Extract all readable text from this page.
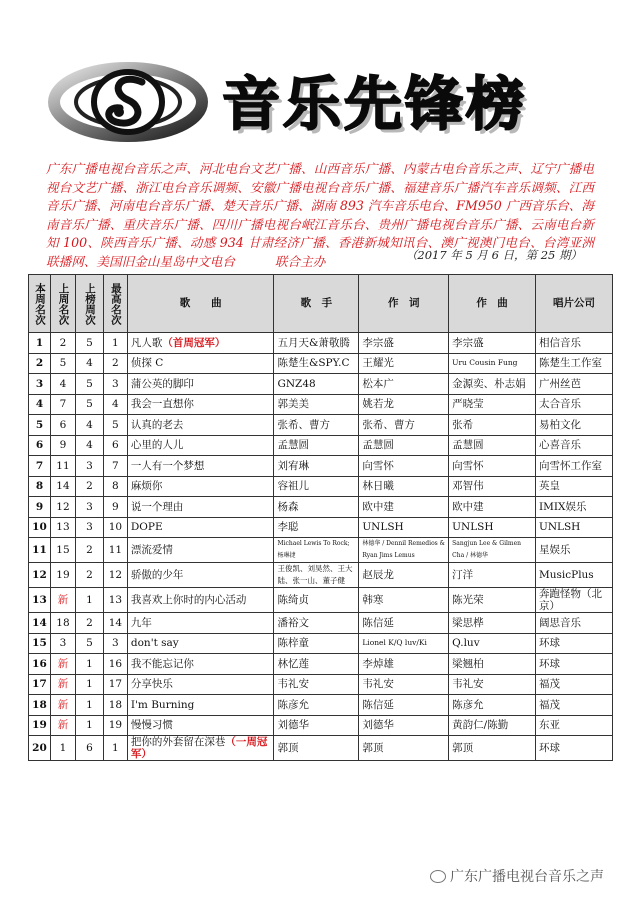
音乐先锋榜
广东广播电视台音乐之声、河北电台文艺广播、山西音乐广播、内蒙古电台音乐之声、辽宁广播电视台文艺广播、浙江电台音乐调频、安徽广播电视台音乐广播、福建音乐广播汽车音乐调频、江西音乐广播、河南电台音乐广播、楚天音乐广播、湖南 893 汽车音乐电台、FM950 广西音乐台、海南音乐广播、重庆音乐广播、四川广播电视台岷江音乐台、贵州广播电视台音乐广播、云南电台新知 100、陕西音乐广播、动感 934 甘肃经济广播、香港新城知讯台、澳广视澳门电台、台湾亚洲联播网、美国旧金山星岛中文电台	联合主办	（2017 年 5 月 6 日，第 25 期）
本周名次	上周名次	上榜周次	最高名次	歌　　曲	歌　手	作　词	作　曲	唱片公司
1	2	5	1	凡人歌（首周冠军）	五月天&萧敬腾	李宗盛	李宗盛	相信音乐
2	5	4	2	侦探 C	陈楚生&SPY.C	王耀光	Uru Cousin Fung	陈楚生工作室
3	4	5	3	蒲公英的脚印	GNZ48	松本广	金源奕、朴志娟	广州丝芭
4	7	5	4	我会一直想你	郭美美	姚若龙	严晓莹	太合音乐
5	6	4	5	认真的老去	张希、曹方	张希、曹方	张希	易柏文化
6	9	4	6	心里的人儿	孟慧圆	孟慧圆	孟慧圆	心喜音乐
7	11	3	7	一人有一个梦想	刘宥琳	向雪怀	向雪怀	向雪怀工作室
8	14	2	8	麻烦你	容祖儿	林日曦	邓智伟	英皇
9	12	3	9	说一个理由	杨森	欧中建	欧中建	IMIX娱乐
10	13	3	10	DOPE	李聪	UNLSH	UNLSH	UNLSH
11	15	2	11	漂流爱情	Michael Lewis To Rock; 杨琳捷	林德华 / Dennil Remedios & Ryan Jims Lemus	Sangjun Lee & Gilmen Cha / 林德华	星娱乐
12	19	2	12	骄傲的少年	王俊凯、刘昊然、王大陆、张一山、董子健	赵辰龙	汀洋	MusicPlus
13	新	1	13	我喜欢上你时的内心活动	陈绮贞	韩寒	陈光荣	奔跑怪物（北京）
14	18	2	14	九年	潘裕文	陈信延	梁思桦	阔思音乐
15	3	5	3	don't say	陈梓童	Lionel K/Q luv/Ki	Q.luv	环球
16	新	1	16	我不能忘记你	林忆莲	李焯雄	梁翘柏	环球
17	新	1	17	分享快乐	韦礼安	韦礼安	韦礼安	福茂
18	新	1	18	I'm Burning	陈彦允	陈信延	陈彦允	福茂
19	新	1	19	慢慢习惯	刘德华	刘德华	黄韵仁/陈勤	东亚
20	1	6	1	把你的外套留在深巷（一周冠军）	郭顶	郭顶	郭顶	环球
广东广播电视台音乐之声
